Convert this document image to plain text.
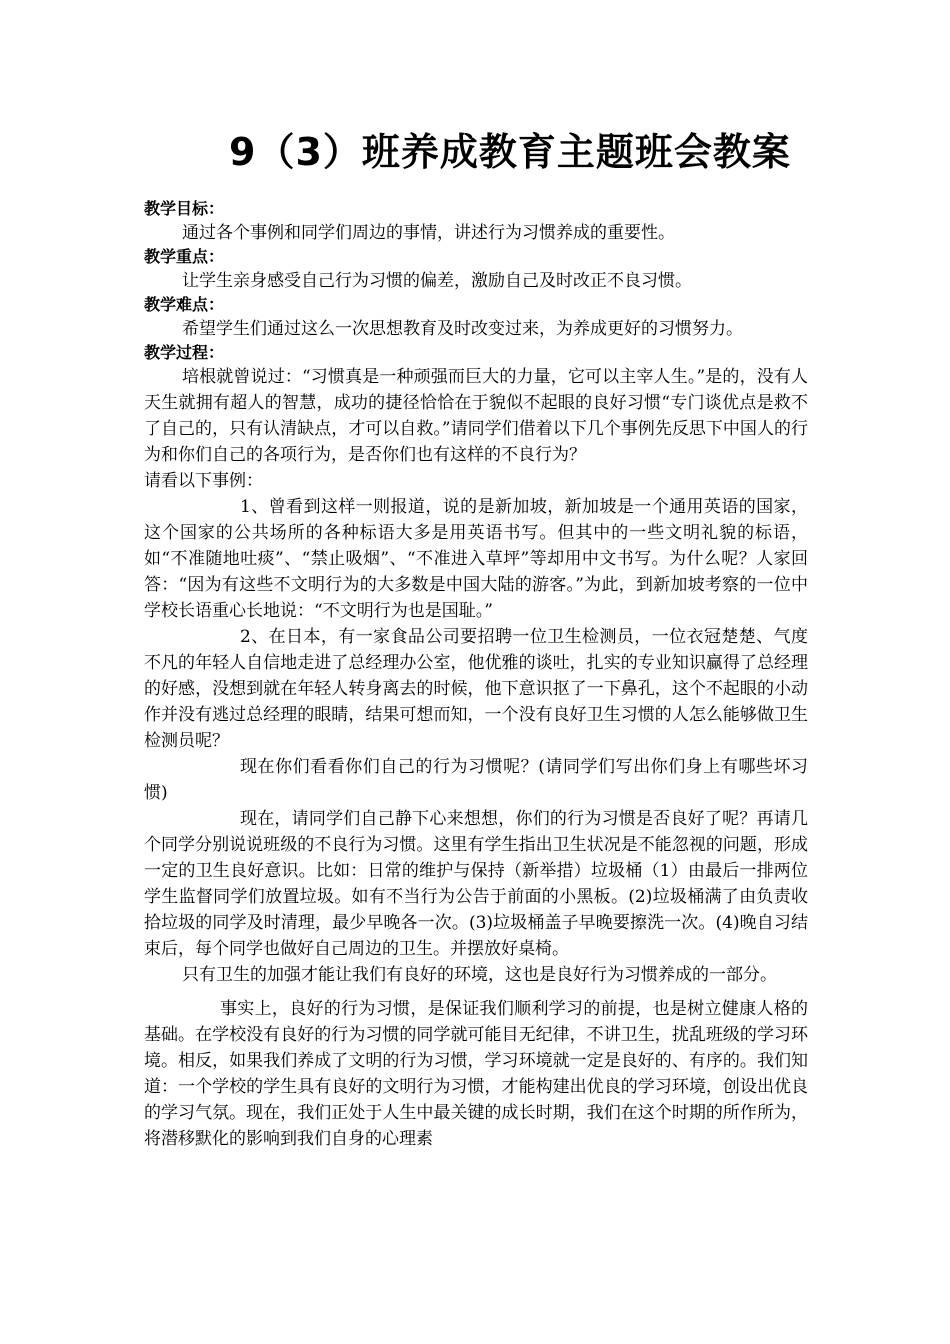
9（3）班养成教育主题班会教案
教学目标：

通过各个事例和同学们周边的事情，讲述行为习惯养成的重要性。

教学重点：

让学生亲身感受自己行为习惯的偏差，激励自己及时改正不良习惯。

教学难点：

希望学生们通过这么一次思想教育及时改变过来，为养成更好的习惯努力。

教学过程：

培根就曾说过：“习惯真是一种顽强而巨大的力量，它可以主宰人生。”是的，没有人天生就拥有超人的智慧，成功的捷径恰恰在于貌似不起眼的良好习惯“专门谈优点是救不了自己的，只有认清缺点，才可以自救。”请同学们借着以下几个事例先反思下中国人的行为和你们自己的各项行为，是否你们也有这样的不良行为？

请看以下事例：

1、曾看到这样一则报道，说的是新加坡，新加坡是一个通用英语的国家，这个国家的公共场所的各种标语大多是用英语书写。但其中的一些文明礼貌的标语，如“不准随地吐痰”、“禁止吸烟”、“不准进入草坪”等却用中文书写。为什么呢？人家回答：“因为有这些不文明行为的大多数是中国大陆的游客。”为此，到新加坡考察的一位中学校长语重心长地说：“不文明行为也是国耻。”

2、在日本，有一家食品公司要招聘一位卫生检测员，一位衣冠楚楚、气度不凡的年轻人自信地走进了总经理办公室，他优雅的谈吐，扎实的专业知识赢得了总经理的好感，没想到就在年轻人转身离去的时候，他下意识抠了一下鼻孔，这个不起眼的小动作并没有逃过总经理的眼睛，结果可想而知，一个没有良好卫生习惯的人怎么能够做卫生检测员呢？

现在你们看看你们自己的行为习惯呢？(请同学们写出你们身上有哪些坏习惯)

现在，请同学们自己静下心来想想，你们的行为习惯是否良好了呢？再请几个同学分别说说班级的不良行为习惯。这里有学生指出卫生状况是不能忽视的问题，形成一定的卫生良好意识。比如：日常的维护与保持（新举措）垃圾桶（1）由最后一排两位学生监督同学们放置垃圾。如有不当行为公告于前面的小黑板。(2)垃圾桶满了由负责收拾垃圾的同学及时清理，最少早晚各一次。(3)垃圾桶盖子早晚要擦洗一次。(4)晚自习结束后，每个同学也做好自己周边的卫生。并摆放好桌椅。

只有卫生的加强才能让我们有良好的环境，这也是良好行为习惯养成的一部分。

事实上，良好的行为习惯，是保证我们顺利学习的前提，也是树立健康人格的基础。在学校没有良好的行为习惯的同学就可能目无纪律，不讲卫生，扰乱班级的学习环境。相反，如果我们养成了文明的行为习惯，学习环境就一定是良好的、有序的。我们知道：一个学校的学生具有良好的文明行为习惯，才能构建出优良的学习环境，创设出优良的学习气氛。现在，我们正处于人生中最关键的成长时期，我们在这个时期的所作所为，将潜移默化的影响到我们自身的心理素
